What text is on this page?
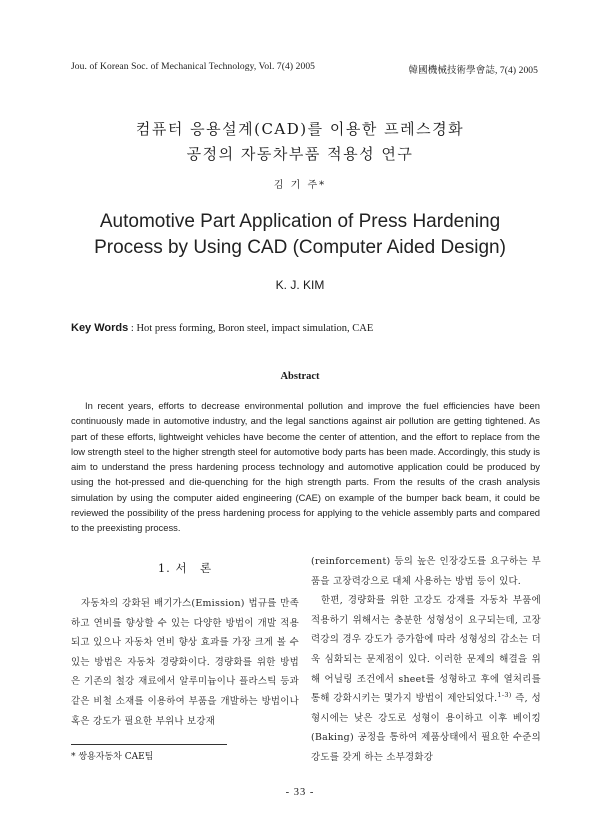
Jou. of Korean Soc. of Mechanical Technology, Vol. 7(4) 2005	韓國機械技術學會誌, 7(4) 2005
컴퓨터 응용설계(CAD)를 이용한 프레스경화
공정의 자동차부품 적용성 연구
김 기 주*
Automotive Part Application of Press Hardening
Process by Using CAD (Computer Aided Design)
K. J. KIM
Key Words : Hot press forming, Boron steel, impact simulation, CAE
Abstract
In recent years, efforts to decrease environmental pollution and improve the fuel efficiencies have been continuously made in automotive industry, and the legal sanctions against air pollution are getting tightened. As part of these efforts, lightweight vehicles have become the center of attention, and the effort to replace from the low strength steel to the higher strength steel for automotive body parts has been made. Accordingly, this study is aim to understand the press hardening process technology and automotive application could be produced by using the hot-pressed and die-quenching for the high strength parts. From the results of the crash analysis simulation by using the computer aided engineering (CAE) on example of the bumper back beam, it could be reviewed the possibility of the press hardening process for applying to the vehicle assembly parts and compared to the preexisting process.
1. 서　론
자동차의 강화된 배기가스(Emission) 법규를 만족하고 연비를 향상할 수 있는 다양한 방법이 개발 적용되고 있으나 자동차 연비 향상 효과를 가장 크게 볼 수 있는 방법은 자동차 경량화이다. 경량화를 위한 방법은 기존의 철강 재료에서 알루미늄이나 플라스틱 등과 같은 비철 소재를 이용하여 부품을 개발하는 방법이나 혹은 강도가 필요한 부위나 보강재

(reinforcement) 등의 높은 인장강도를 요구하는 부품을 고장력강으로 대체 사용하는 방법 등이 있다.

한편, 경량화를 위한 고강도 강재를 자동차 부품에 적용하기 위해서는 충분한 성형성이 요구되는데, 고장력강의 경우 강도가 증가함에 따라 성형성의 감소는 더욱 심화되는 문제점이 있다. 이러한 문제의 해결을 위해 어닐링 조건에서 sheet를 성형하고 후에 열처리를 통해 강화시키는 몇가지 방법이 제안되었다.$^{1-3)}$ 즉, 성형시에는 낮은 강도로 성형이 용이하고 이후 베이킹(Baking) 공정을 통하여 제품상태에서 필요한 수준의 강도를 갖게 하는 소부경화강

* 쌍용자동차 CAE팀
- 33 -
